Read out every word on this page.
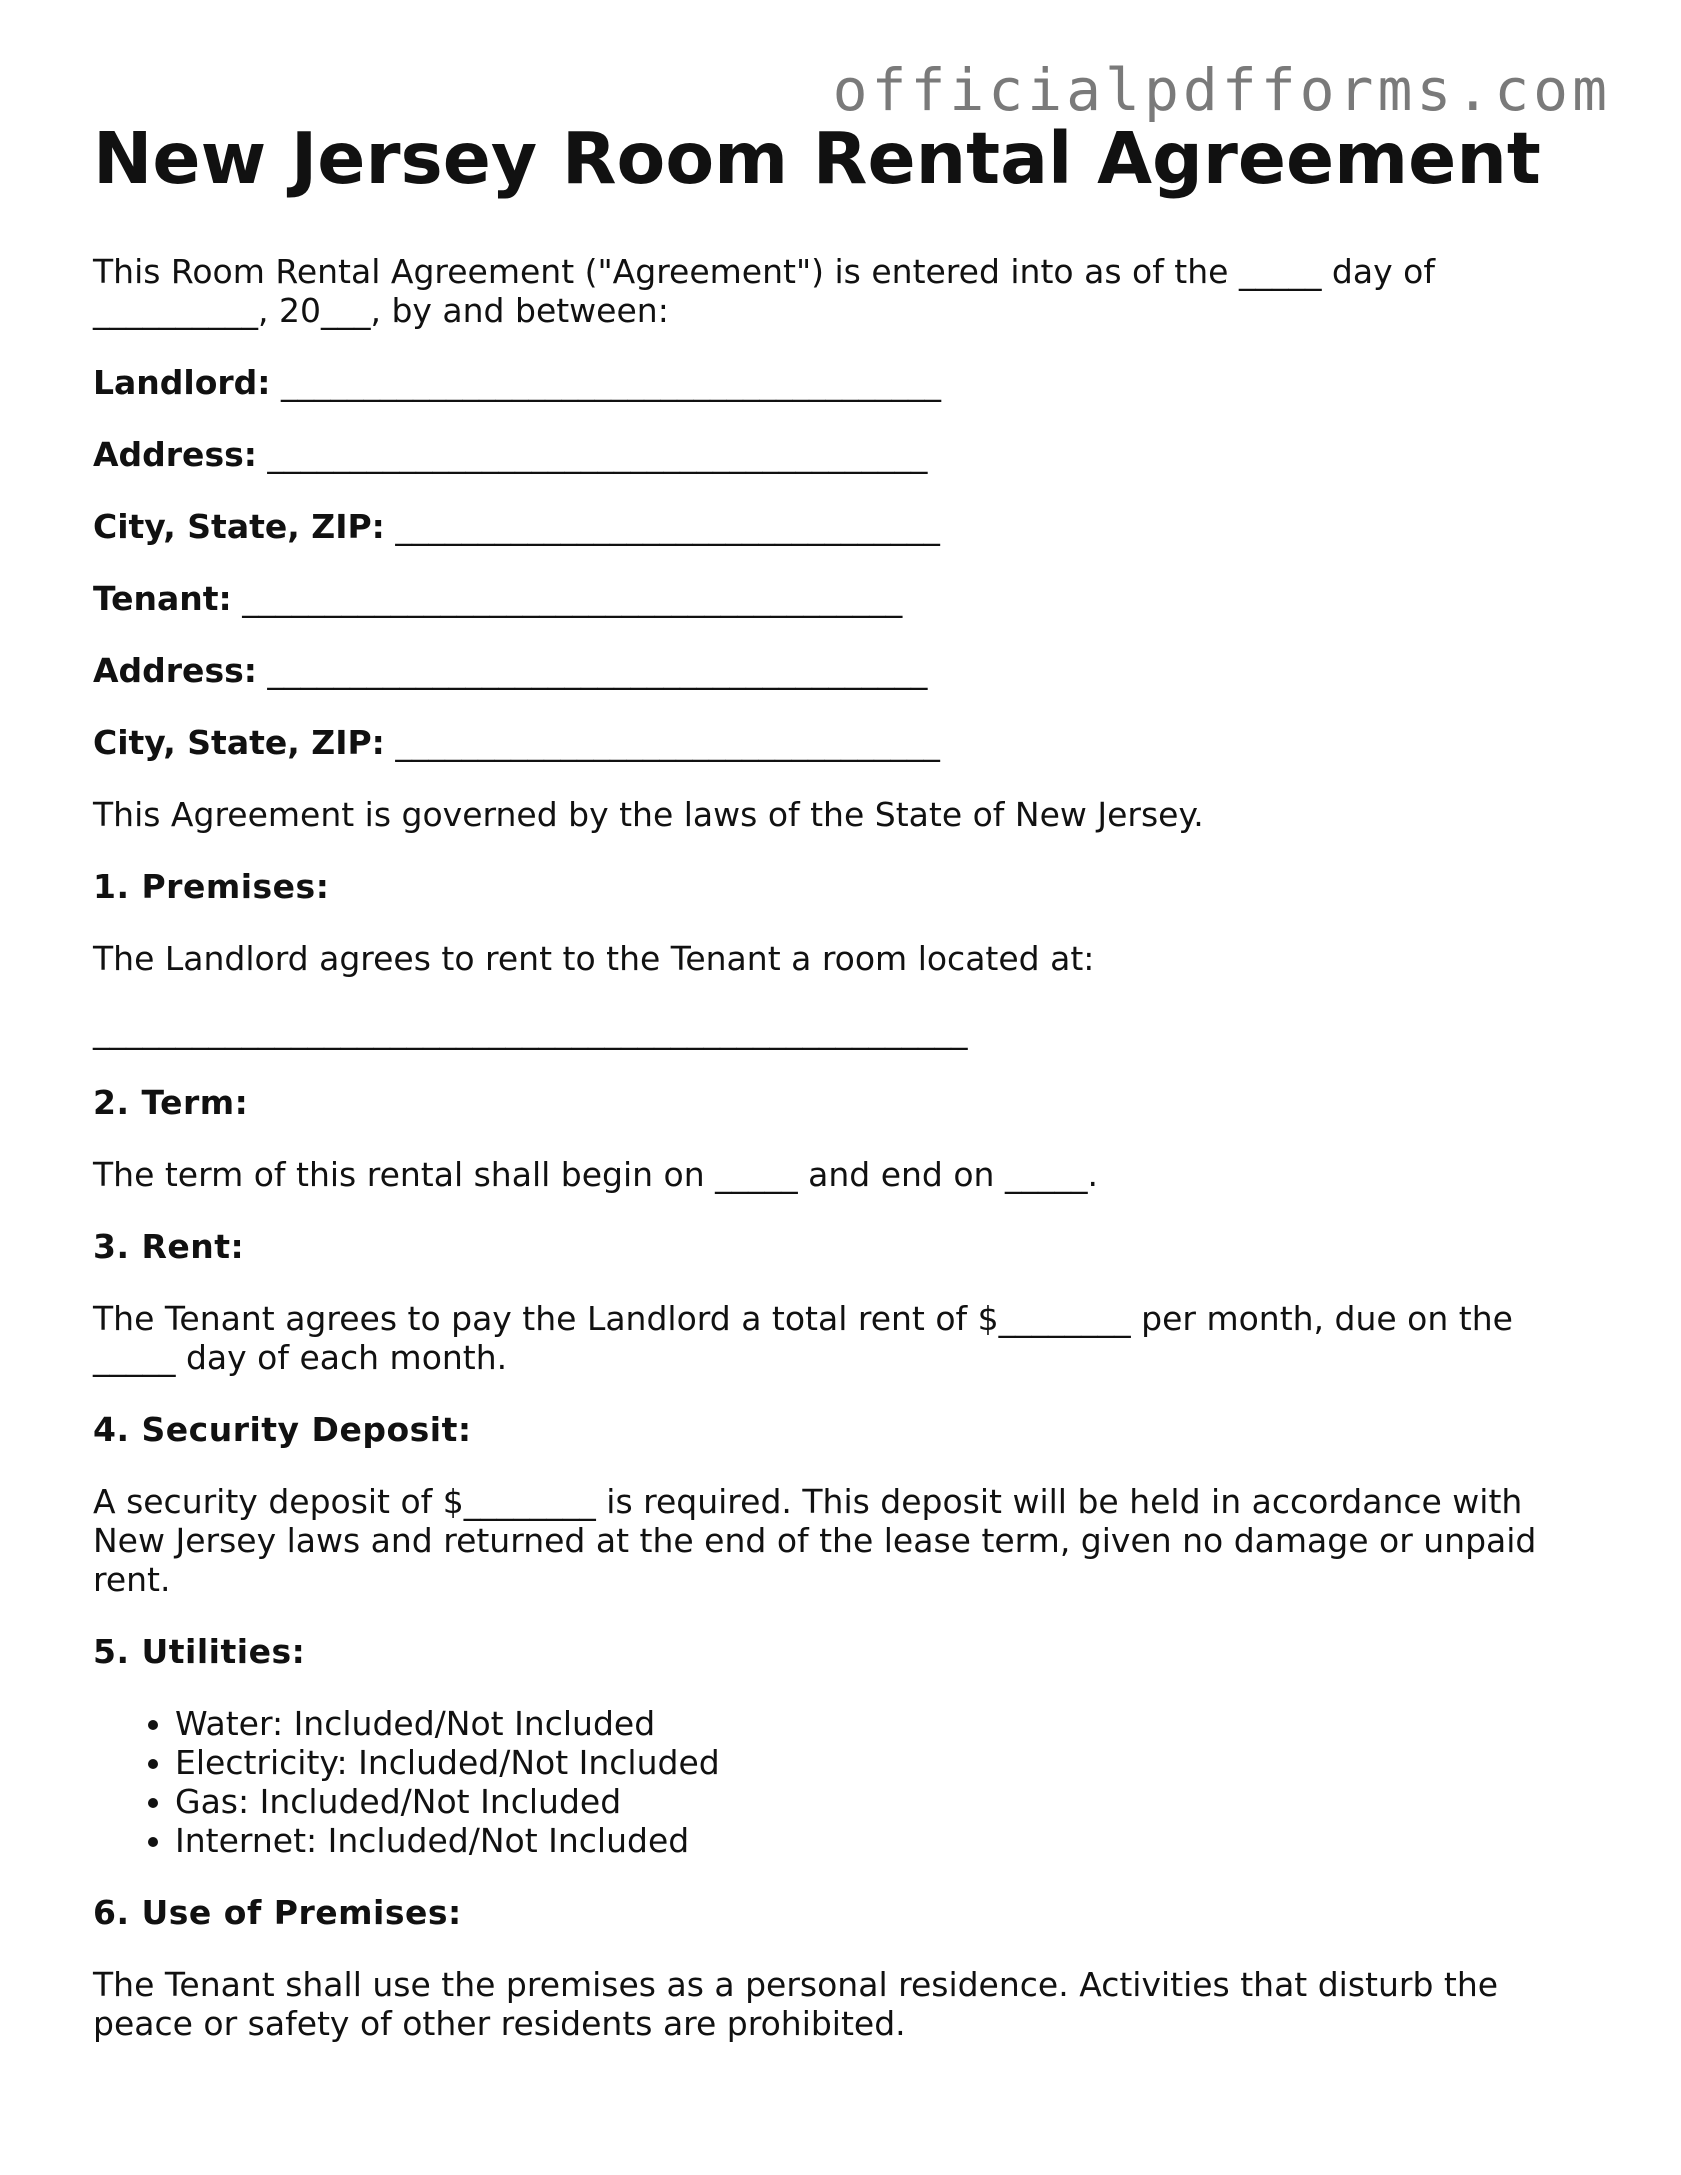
officialpdfforms.com
New Jersey Room Rental Agreement
This Room Rental Agreement ("Agreement") is entered into as of the _____ day of __________, 20___, by and between:
Landlord: ________________________________________
Address: ________________________________________
City, State, ZIP: _________________________________
Tenant: ________________________________________
Address: ________________________________________
City, State, ZIP: _________________________________
This Agreement is governed by the laws of the State of New Jersey.
1. Premises:
The Landlord agrees to rent to the Tenant a room located at:
_____________________________________________________
2. Term:
The term of this rental shall begin on _____ and end on _____.
3. Rent:
The Tenant agrees to pay the Landlord a total rent of $________ per month, due on the _____ day of each month.
4. Security Deposit:
A security deposit of $________ is required. This deposit will be held in accordance with New Jersey laws and returned at the end of the lease term, given no damage or unpaid rent.
5. Utilities:
• Water: Included/Not Included
• Electricity: Included/Not Included
• Gas: Included/Not Included
• Internet: Included/Not Included
6. Use of Premises:
The Tenant shall use the premises as a personal residence. Activities that disturb the peace or safety of other residents are prohibited.
